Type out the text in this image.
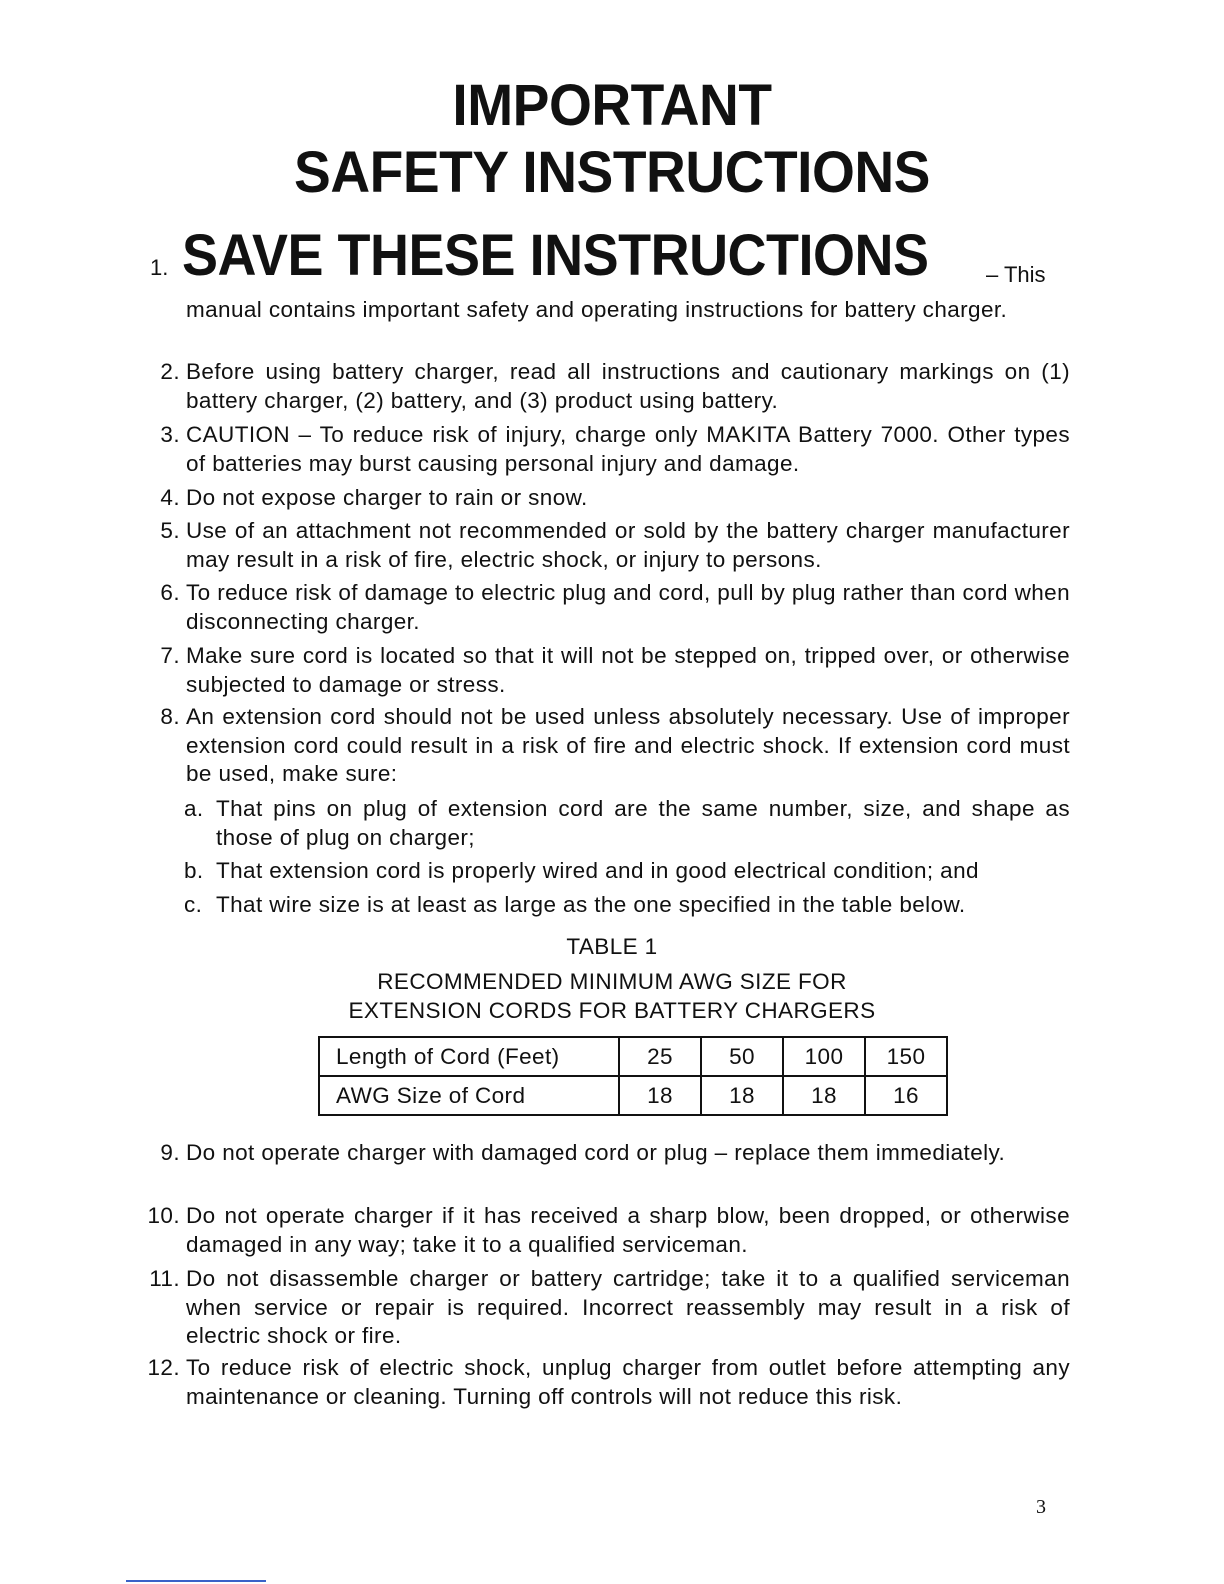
IMPORTANT
SAFETY INSTRUCTIONS
1. SAVE THESE INSTRUCTIONS	– This
manual contains important safety and operating instructions for battery charger.
2. Before using battery charger, read all instructions and cautionary markings on (1) battery charger, (2) battery, and (3) product using battery.
3. CAUTION – To reduce risk of injury, charge only MAKITA Battery 7000. Other types of batteries may burst causing personal injury and damage.
4. Do not expose charger to rain or snow.
5. Use of an attachment not recommended or sold by the battery charger manufacturer may result in a risk of fire, electric shock, or injury to persons.
6. To reduce risk of damage to electric plug and cord, pull by plug rather than cord when disconnecting charger.
7. Make sure cord is located so that it will not be stepped on, tripped over, or otherwise subjected to damage or stress.
8. An extension cord should not be used unless absolutely necessary. Use of improper extension cord could result in a risk of fire and electric shock. If extension cord must be used, make sure:
a. That pins on plug of extension cord are the same number, size, and shape as those of plug on charger;
b. That extension cord is properly wired and in good electrical condition; and
c. That wire size is at least as large as the one specified in the table below.
TABLE 1
RECOMMENDED MINIMUM AWG SIZE FOR
EXTENSION CORDS FOR BATTERY CHARGERS
Length of Cord (Feet)	25	50	100	150
AWG Size of Cord	18	18	18	16
9. Do not operate charger with damaged cord or plug – replace them immediately.
10. Do not operate charger if it has received a sharp blow, been dropped, or otherwise damaged in any way; take it to a qualified serviceman.
11. Do not disassemble charger or battery cartridge; take it to a qualified serviceman when service or repair is required. Incorrect reassembly may result in a risk of electric shock or fire.
12. To reduce risk of electric shock, unplug charger from outlet before attempting any maintenance or cleaning. Turning off controls will not reduce this risk.
3
